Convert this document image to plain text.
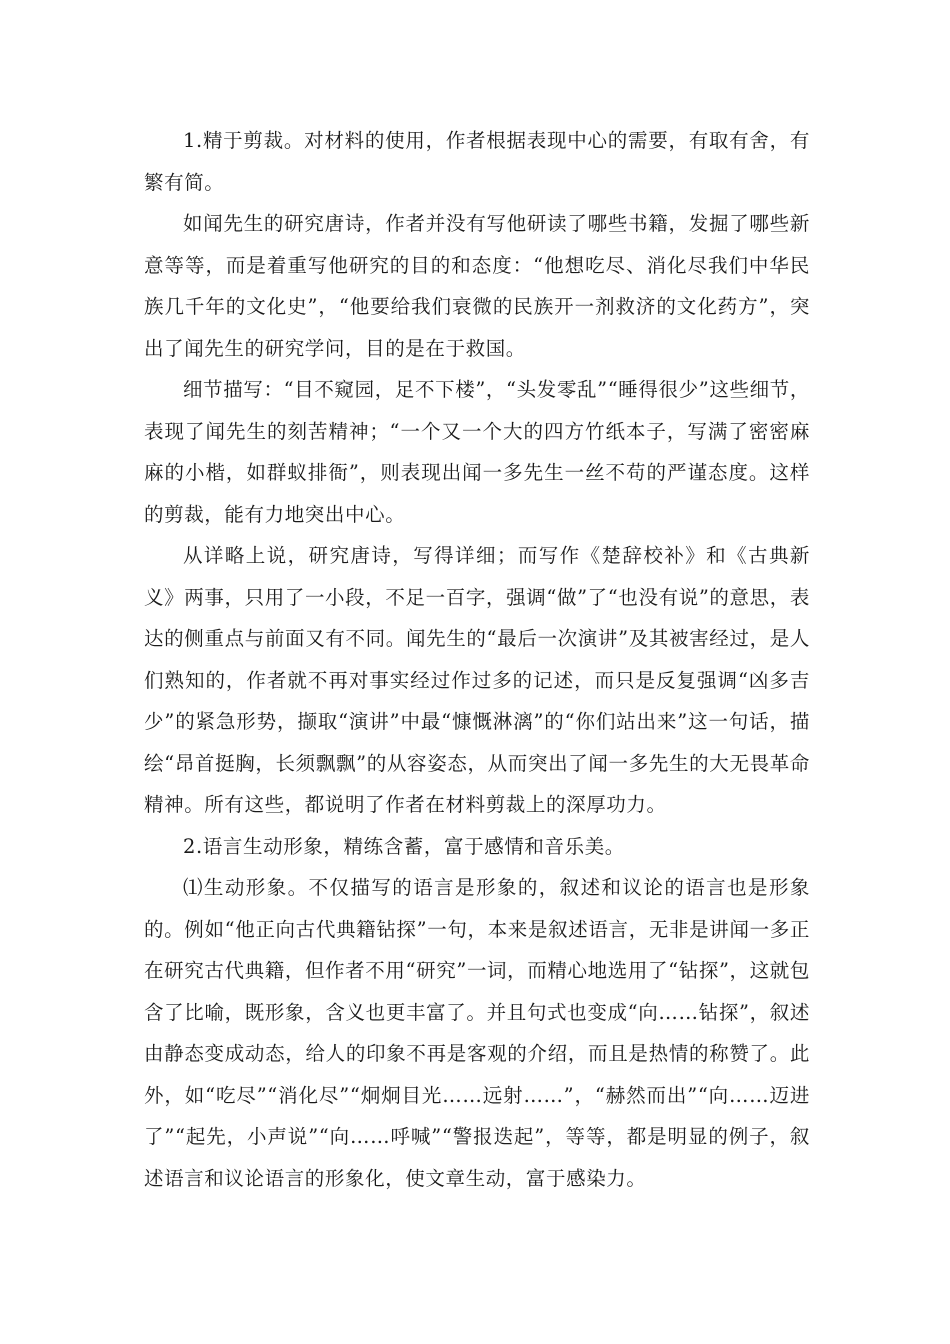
1.精于剪裁。对材料的使用，作者根据表现中心的需要，有取有舍，有繁有简。

如闻先生的研究唐诗，作者并没有写他研读了哪些书籍，发掘了哪些新意等等，而是着重写他研究的目的和态度：“他想吃尽、消化尽我们中华民族几千年的文化史”，“他要给我们衰微的民族开一剂救济的文化药方”，突出了闻先生的研究学问，目的是在于救国。

细节描写：“目不窥园，足不下楼”，“头发零乱”“睡得很少”这些细节，表现了闻先生的刻苦精神；“一个又一个大的四方竹纸本子，写满了密密麻麻的小楷，如群蚁排衙”，则表现出闻一多先生一丝不苟的严谨态度。这样的剪裁，能有力地突出中心。

从详略上说，研究唐诗，写得详细；而写作《楚辞校补》和《古典新义》两事，只用了一小段，不足一百字，强调“做”了“也没有说”的意思，表达的侧重点与前面又有不同。闻先生的“最后一次演讲”及其被害经过，是人们熟知的，作者就不再对事实经过作过多的记述，而只是反复强调“凶多吉少”的紧急形势，撷取“演讲”中最“慷慨淋漓”的“你们站出来”这一句话，描绘“昂首挺胸，长须飘飘”的从容姿态，从而突出了闻一多先生的大无畏革命精神。所有这些，都说明了作者在材料剪裁上的深厚功力。

2.语言生动形象，精练含蓄，富于感情和音乐美。

⑴生动形象。不仅描写的语言是形象的，叙述和议论的语言也是形象的。例如“他正向古代典籍钻探”一句，本来是叙述语言，无非是讲闻一多正在研究古代典籍，但作者不用“研究”一词，而精心地选用了“钻探”，这就包含了比喻，既形象，含义也更丰富了。并且句式也变成“向……钻探”，叙述由静态变成动态，给人的印象不再是客观的介绍，而且是热情的称赞了。此外，如“吃尽”“消化尽”“炯炯目光……远射……”，“赫然而出”“向……迈进了”“起先，小声说”“向……呼喊”“警报迭起”，等等，都是明显的例子，叙述语言和议论语言的形象化，使文章生动，富于感染力。
